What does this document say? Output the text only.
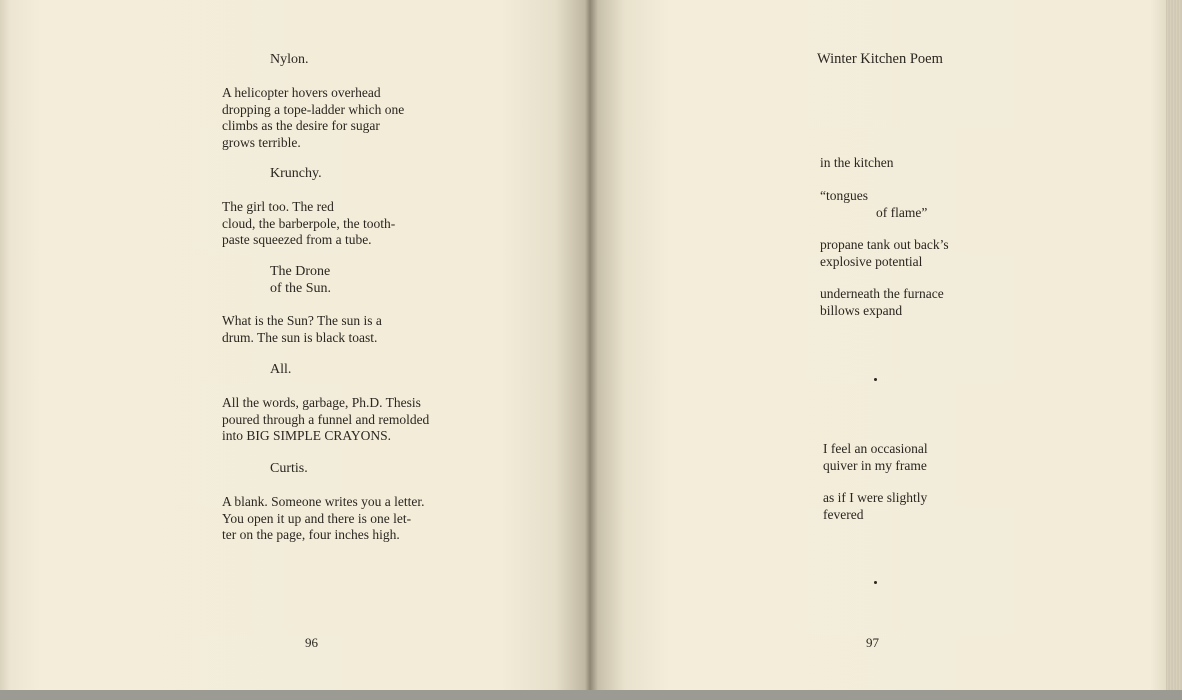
Nylon.
A helicopter hovers overhead
dropping a tope-ladder which one
climbs as the desire for sugar
grows terrible.
Krunchy.
The girl too. The red
cloud, the barberpole, the tooth-
paste squeezed from a tube.
The Drone
of the Sun.
What is the Sun? The sun is a
drum. The sun is black toast.
All.
All the words, garbage, Ph.D. Thesis
poured through a funnel and remolded
into BIG SIMPLE CRAYONS.
Curtis.
A blank. Someone writes you a letter.
You open it up and there is one let-
ter on the page, four inches high.
96
Winter Kitchen Poem
in the kitchen
“tongues
of flame”
propane tank out back’s
explosive potential
underneath the furnace
billows expand
I feel an occasional
quiver in my frame
as if I were slightly
fevered
97
